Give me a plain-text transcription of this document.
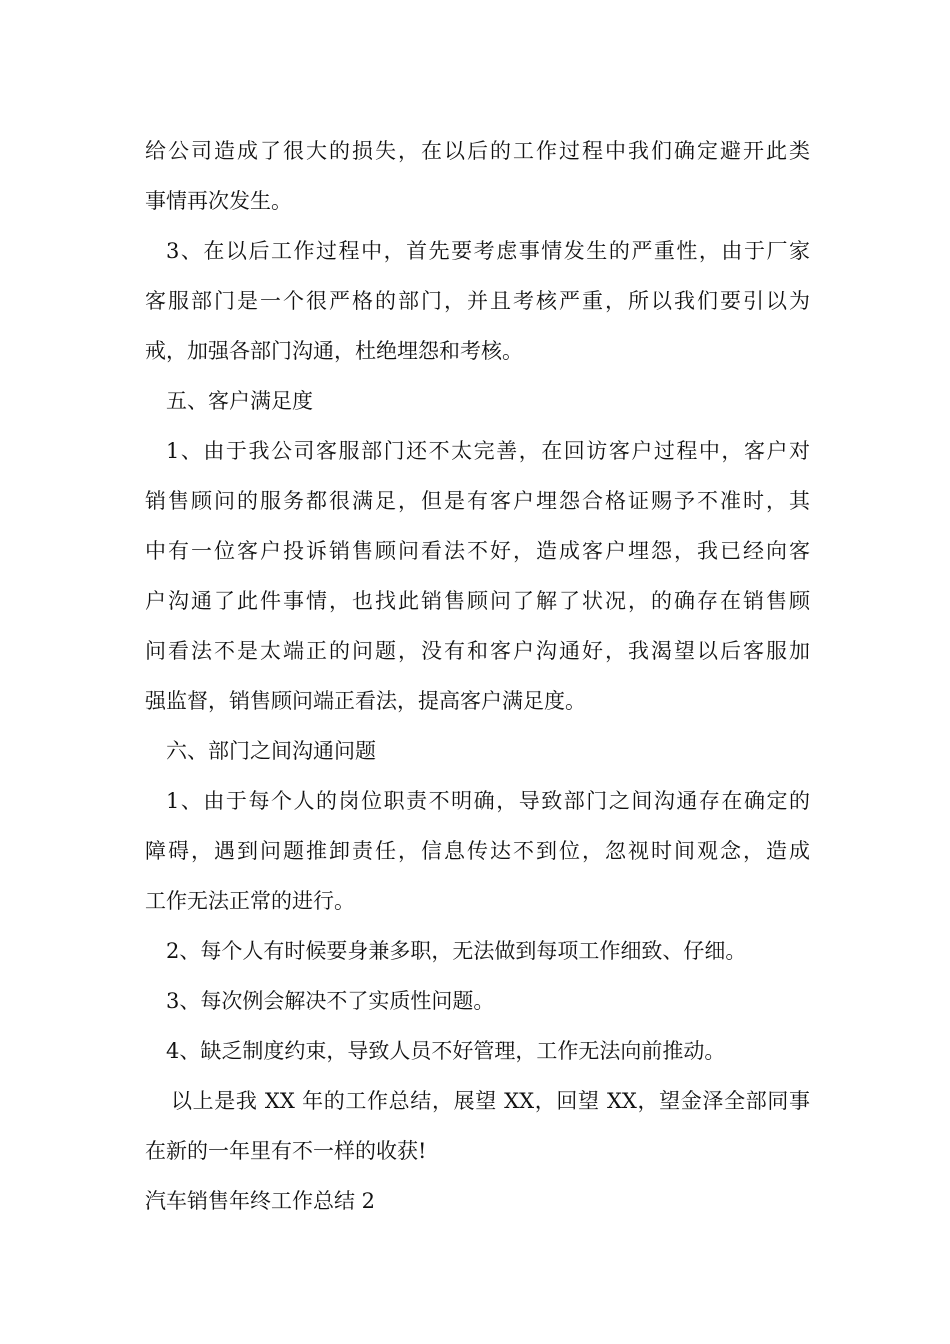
给公司造成了很大的损失，在以后的工作过程中我们确定避开此类
事情再次发生。
3、在以后工作过程中，首先要考虑事情发生的严重性，由于厂家
客服部门是一个很严格的部门，并且考核严重，所以我们要引以为
戒，加强各部门沟通，杜绝埋怨和考核。
五、客户满足度
1、由于我公司客服部门还不太完善，在回访客户过程中，客户对
销售顾问的服务都很满足，但是有客户埋怨合格证赐予不准时，其
中有一位客户投诉销售顾问看法不好，造成客户埋怨，我已经向客
户沟通了此件事情，也找此销售顾问了解了状况，的确存在销售顾
问看法不是太端正的问题，没有和客户沟通好，我渴望以后客服加
强监督，销售顾问端正看法，提高客户满足度。
六、部门之间沟通问题
1、由于每个人的岗位职责不明确，导致部门之间沟通存在确定的
障碍，遇到问题推卸责任，信息传达不到位，忽视时间观念，造成
工作无法正常的进行。
2、每个人有时候要身兼多职，无法做到每项工作细致、仔细。
3、每次例会解决不了实质性问题。
4、缺乏制度约束，导致人员不好管理，工作无法向前推动。
以上是我 XX 年的工作总结，展望 XX，回望 XX，望金泽全部同事
在新的一年里有不一样的收获!
汽车销售年终工作总结 2
